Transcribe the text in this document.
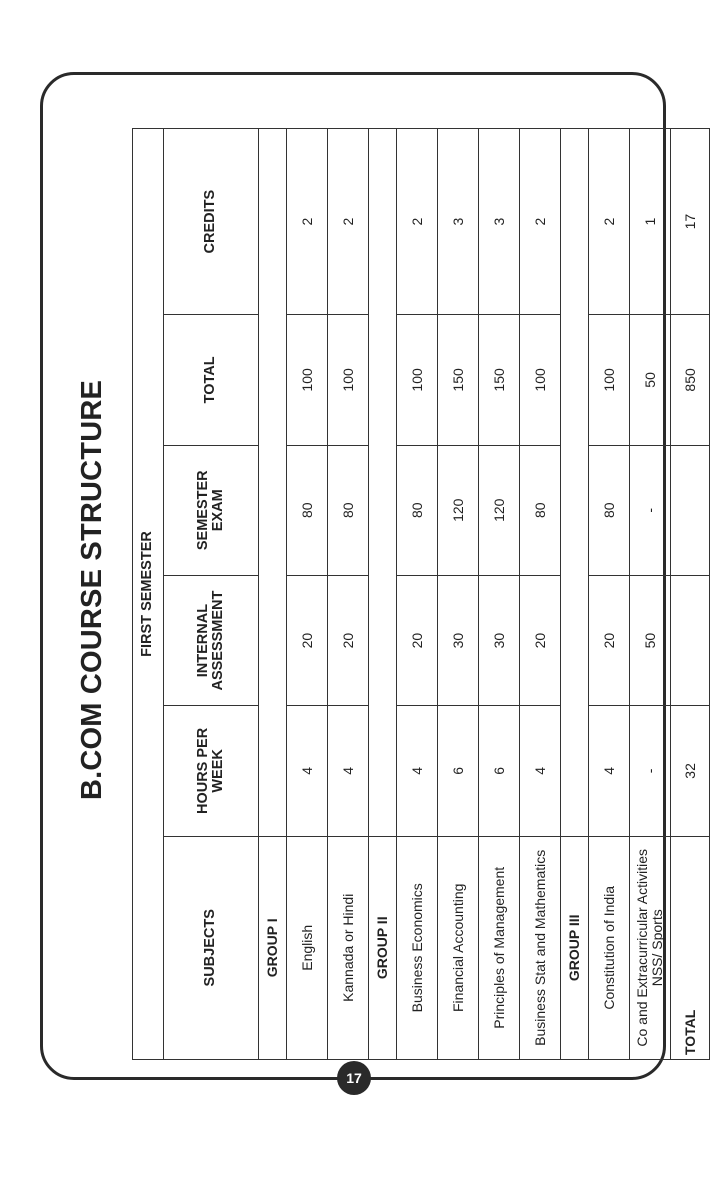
B.COM COURSE STRUCTURE	FIRST SEMESTER					
SUBJECTS	HOURS PER WEEK	INTERNAL ASSESSMENT	SEMESTER EXAM	TOTAL	CREDITS
GROUP I					
English	4	20	80	100	2
Kannada or Hindi	4	20	80	100	2
GROUP II					
Business Economics	4	20	80	100	2
Financial Accounting	6	30	120	150	3
Principles of Management	6	30	120	150	3
Business Stat and Mathematics	4	20	80	100	2
GROUP III					
Constitution of India	4	20	80	100	2
Co and Extracurricular Activities NSS/ Sports	-	50	-	50	1
TOTAL	32			850	17
17
